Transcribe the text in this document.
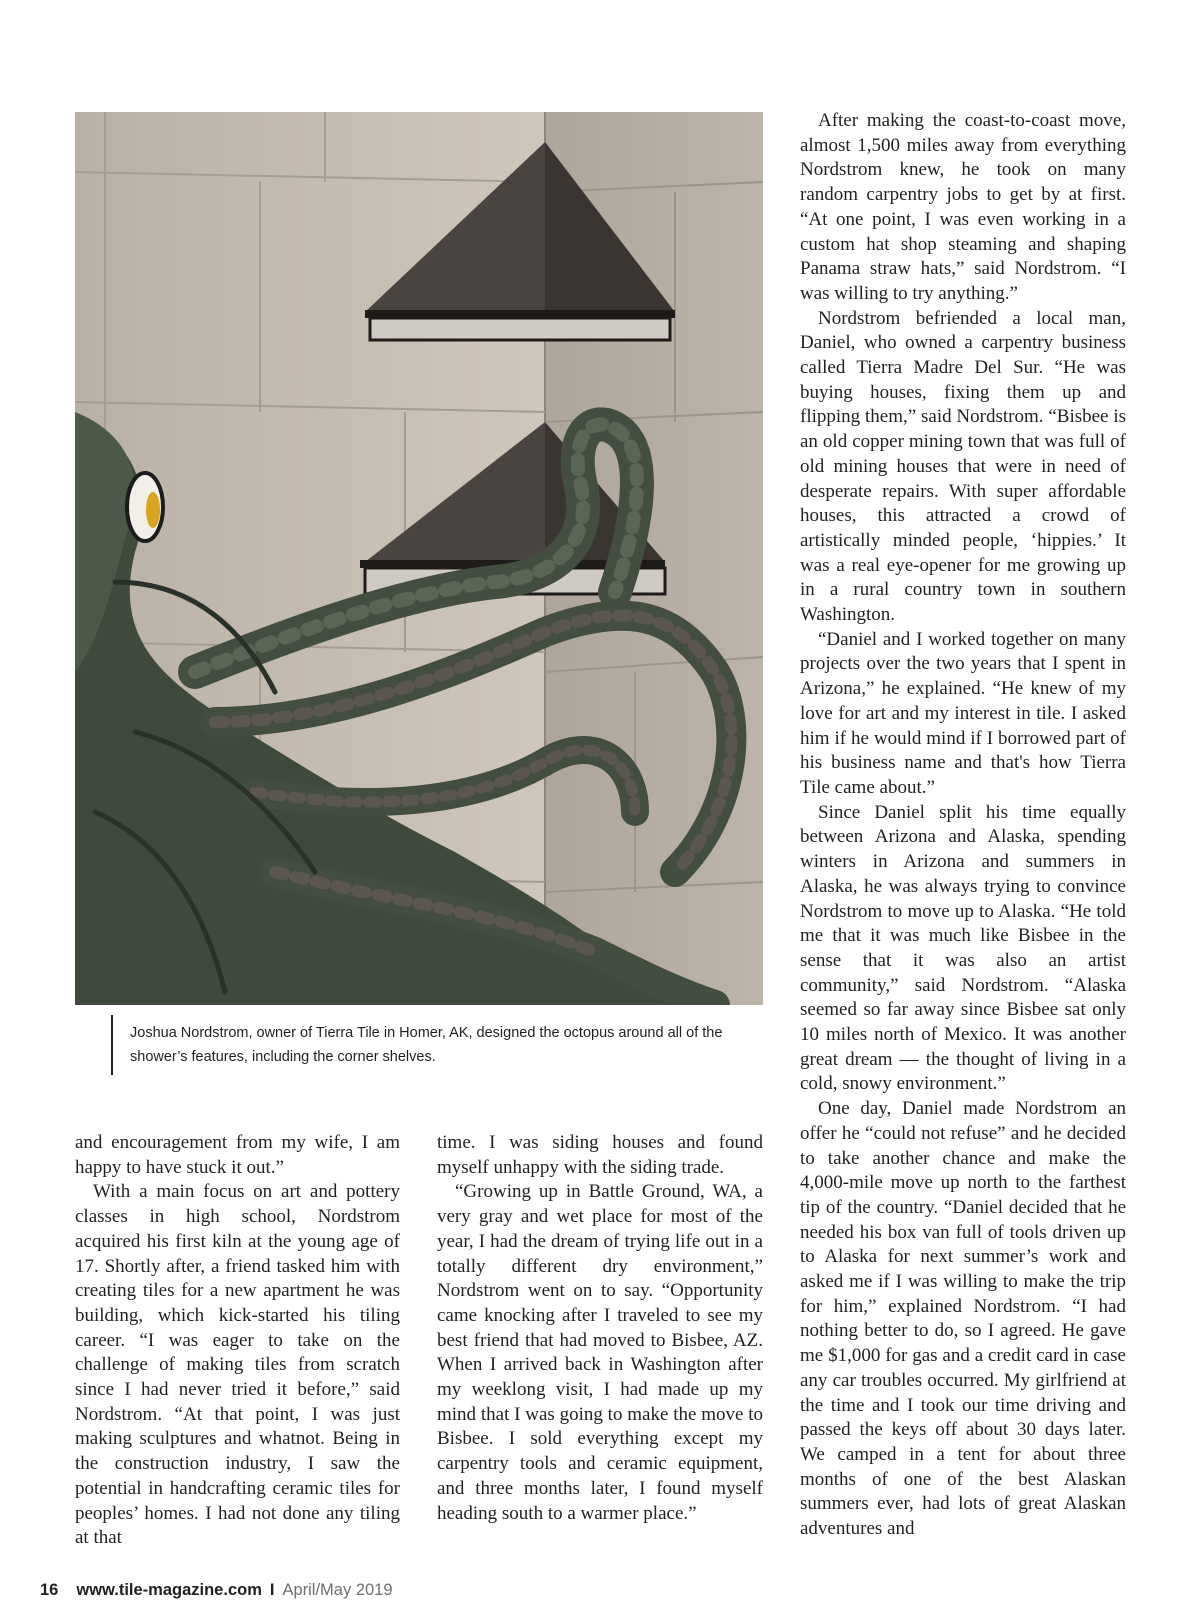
Joshua Nordstrom, owner of Tierra Tile in Homer, AK, designed the octopus around all of the shower’s features, including the corner shelves.

and encouragement from my wife, I am happy to have stuck it out.”

With a main focus on art and pottery classes in high school, Nordstrom acquired his first kiln at the young age of 17. Shortly after, a friend tasked him with creating tiles for a new apartment he was building, which kick-started his tiling career. “I was eager to take on the challenge of making tiles from scratch since I had never tried it before,” said Nordstrom. “At that point, I was just making sculptures and whatnot. Being in the construction industry, I saw the potential in handcrafting ceramic tiles for peoples’ homes. I had not done any tiling at that

time. I was siding houses and found myself unhappy with the siding trade.

“Growing up in Battle Ground, WA, a very gray and wet place for most of the year, I had the dream of trying life out in a totally different dry environment,” Nordstrom went on to say. “Opportunity came knocking after I traveled to see my best friend that had moved to Bisbee, AZ. When I arrived back in Washington after my weeklong visit, I had made up my mind that I was going to make the move to Bisbee. I sold everything except my carpentry tools and ceramic equipment, and three months later, I found myself heading south to a warmer place.”

After making the coast-to-coast move, almost 1,500 miles away from everything Nordstrom knew, he took on many random carpentry jobs to get by at first. “At one point, I was even working in a custom hat shop steaming and shaping Panama straw hats,” said Nordstrom. “I was willing to try anything.”

Nordstrom befriended a local man, Daniel, who owned a carpentry business called Tierra Madre Del Sur. “He was buying houses, fixing them up and flipping them,” said Nordstrom. “Bisbee is an old copper mining town that was full of old mining houses that were in need of desperate repairs. With super affordable houses, this attracted a crowd of artistically minded people, ‘hippies.’ It was a real eye-opener for me growing up in a rural country town in southern Washington.

“Daniel and I worked together on many projects over the two years that I spent in Arizona,” he explained. “He knew of my love for art and my interest in tile. I asked him if he would mind if I borrowed part of his business name and that's how Tierra Tile came about.”

Since Daniel split his time equally between Arizona and Alaska, spending winters in Arizona and summers in Alaska, he was always trying to convince Nordstrom to move up to Alaska. “He told me that it was much like Bisbee in the sense that it was also an artist community,” said Nordstrom. “Alaska seemed so far away since Bisbee sat only 10 miles north of Mexico. It was another great dream — the thought of living in a cold, snowy environment.”

One day, Daniel made Nordstrom an offer he “could not refuse” and he decided to take another chance and make the 4,000-mile move up north to the farthest tip of the country. “Daniel decided that he needed his box van full of tools driven up to Alaska for next summer’s work and asked me if I was willing to make the trip for him,” explained Nordstrom. “I had nothing better to do, so I agreed. He gave me $1,000 for gas and a credit card in case any car troubles occurred. My girlfriend at the time and I took our time driving and passed the keys off about 30 days later. We camped in a tent for about three months of one of the best Alaskan summers ever, had lots of great Alaskan adventures and

16 www.tile-magazine.com I April/May 2019
